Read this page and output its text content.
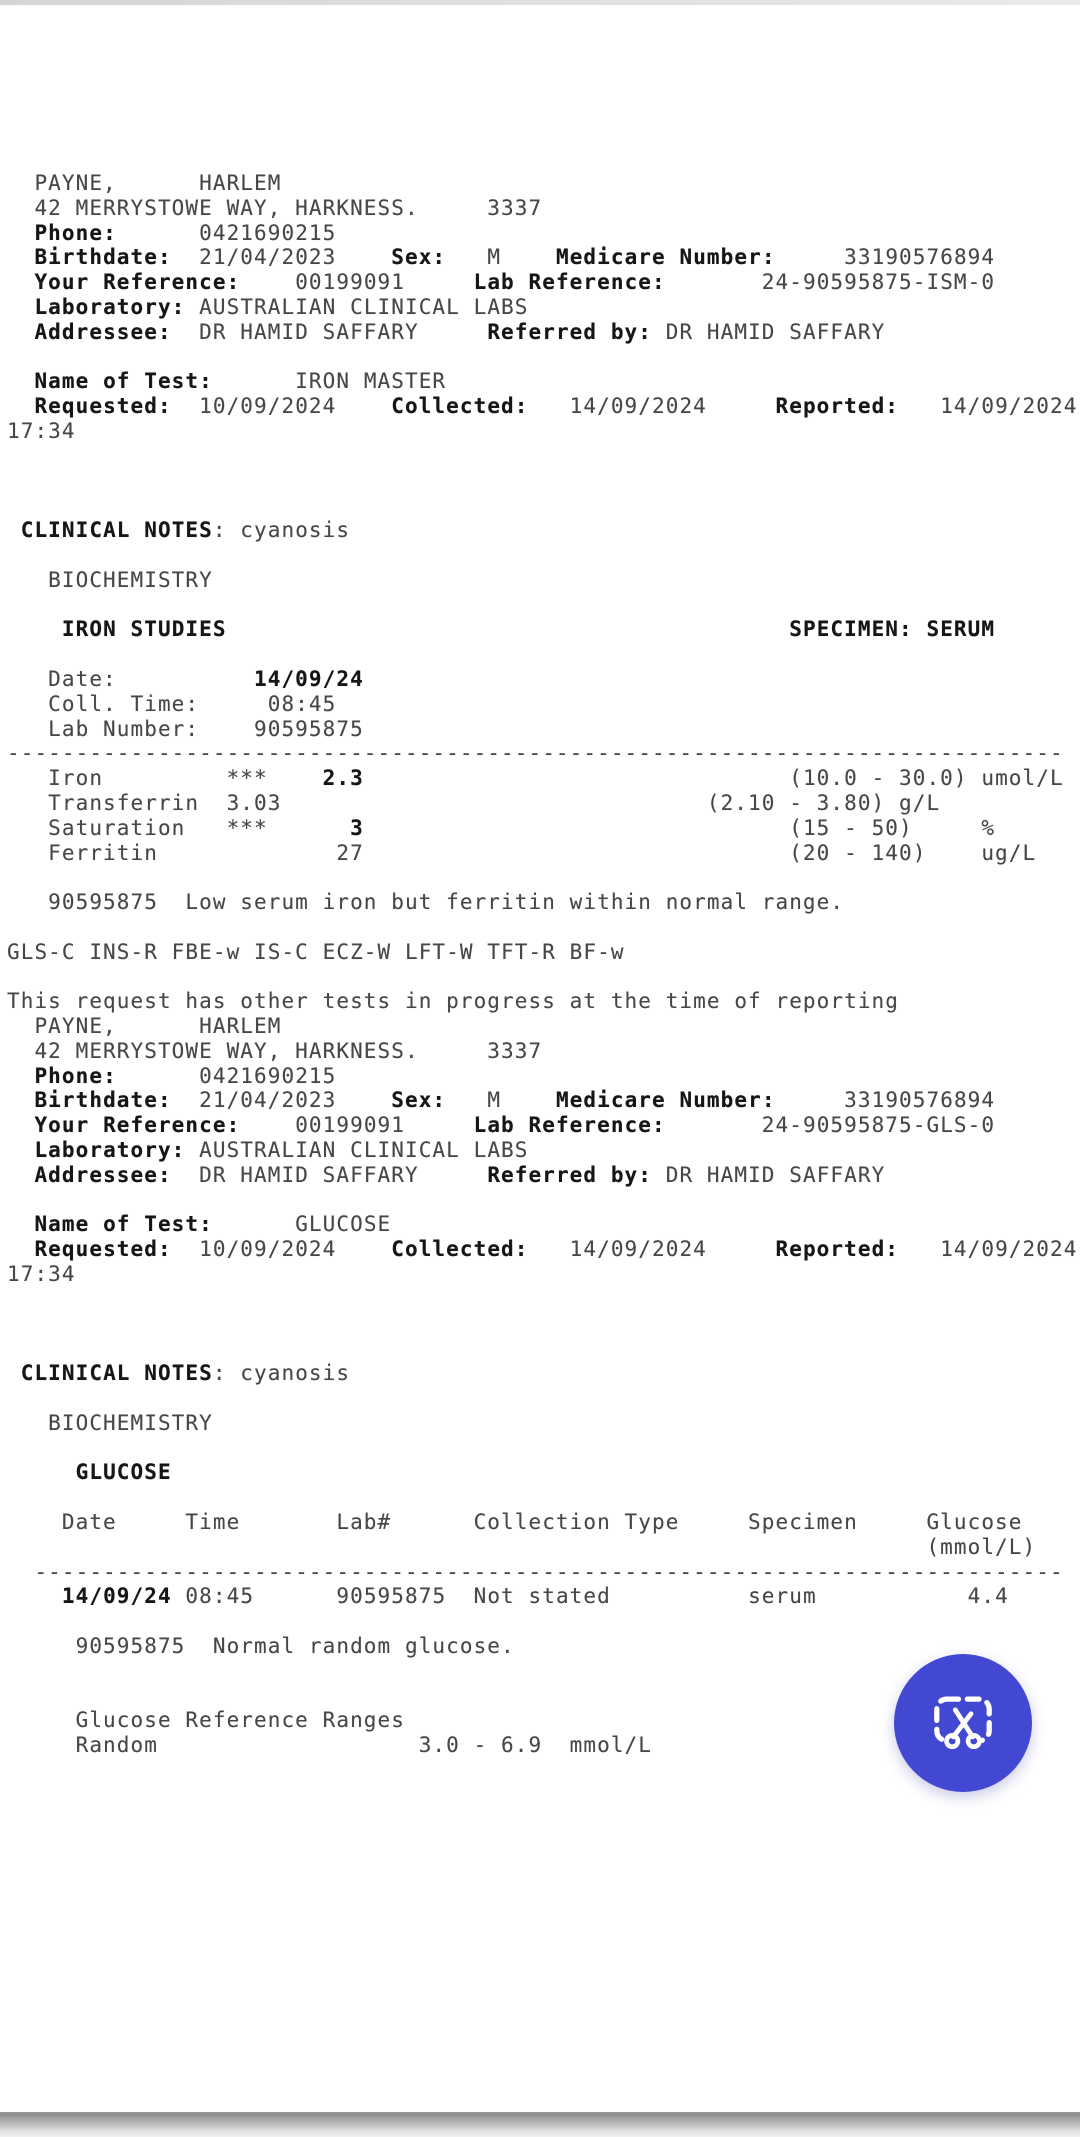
PAYNE,      HARLEM
42 MERRYSTOWE WAY, HARKNESS.     3337
Phone:      0421690215
Birthdate:  21/04/2023    Sex:   M    Medicare Number:     33190576894
Your Reference:    00199091     Lab Reference:       24-90595875-ISM-0
Laboratory: AUSTRALIAN CLINICAL LABS
Addressee:  DR HAMID SAFFARY     Referred by: DR HAMID SAFFARY

Name of Test:      IRON MASTER
Requested:  10/09/2024    Collected:   14/09/2024     Reported:   14/09/2024
17:34

CLINICAL NOTES: cyanosis

BIOCHEMISTRY

IRON STUDIES	SPECIMEN: SERUM

Date:          14/09/24
Coll. Time:     08:45
Lab Number:    90595875
-----------------------------------------------------------------------------
Iron         ***    2.3                               (10.0 - 30.0) umol/L
Transferrin  3.03                               (2.10 - 3.80) g/L
Saturation   ***      3                               (15 - 50)     %
Ferritin             27                               (20 - 140)    ug/L

90595875  Low serum iron but ferritin within normal range.

GLS-C INS-R FBE-w IS-C ECZ-W LFT-W TFT-R BF-w

This request has other tests in progress at the time of reporting
PAYNE,      HARLEM
42 MERRYSTOWE WAY, HARKNESS.     3337
Phone:      0421690215
Birthdate:  21/04/2023    Sex:   M    Medicare Number:     33190576894
Your Reference:    00199091     Lab Reference:       24-90595875-GLS-0
Laboratory: AUSTRALIAN CLINICAL LABS
Addressee:  DR HAMID SAFFARY     Referred by: DR HAMID SAFFARY

Name of Test:      GLUCOSE
Requested:  10/09/2024    Collected:   14/09/2024     Reported:   14/09/2024
17:34

CLINICAL NOTES: cyanosis

BIOCHEMISTRY

GLUCOSE

Date     Time       Lab#      Collection Type     Specimen     Glucose
(mmol/L)
---------------------------------------------------------------------------
14/09/24 08:45      90595875  Not stated          serum           4.4

90595875  Normal random glucose.

Glucose Reference Ranges
Random                   3.0 - 6.9  mmol/L
